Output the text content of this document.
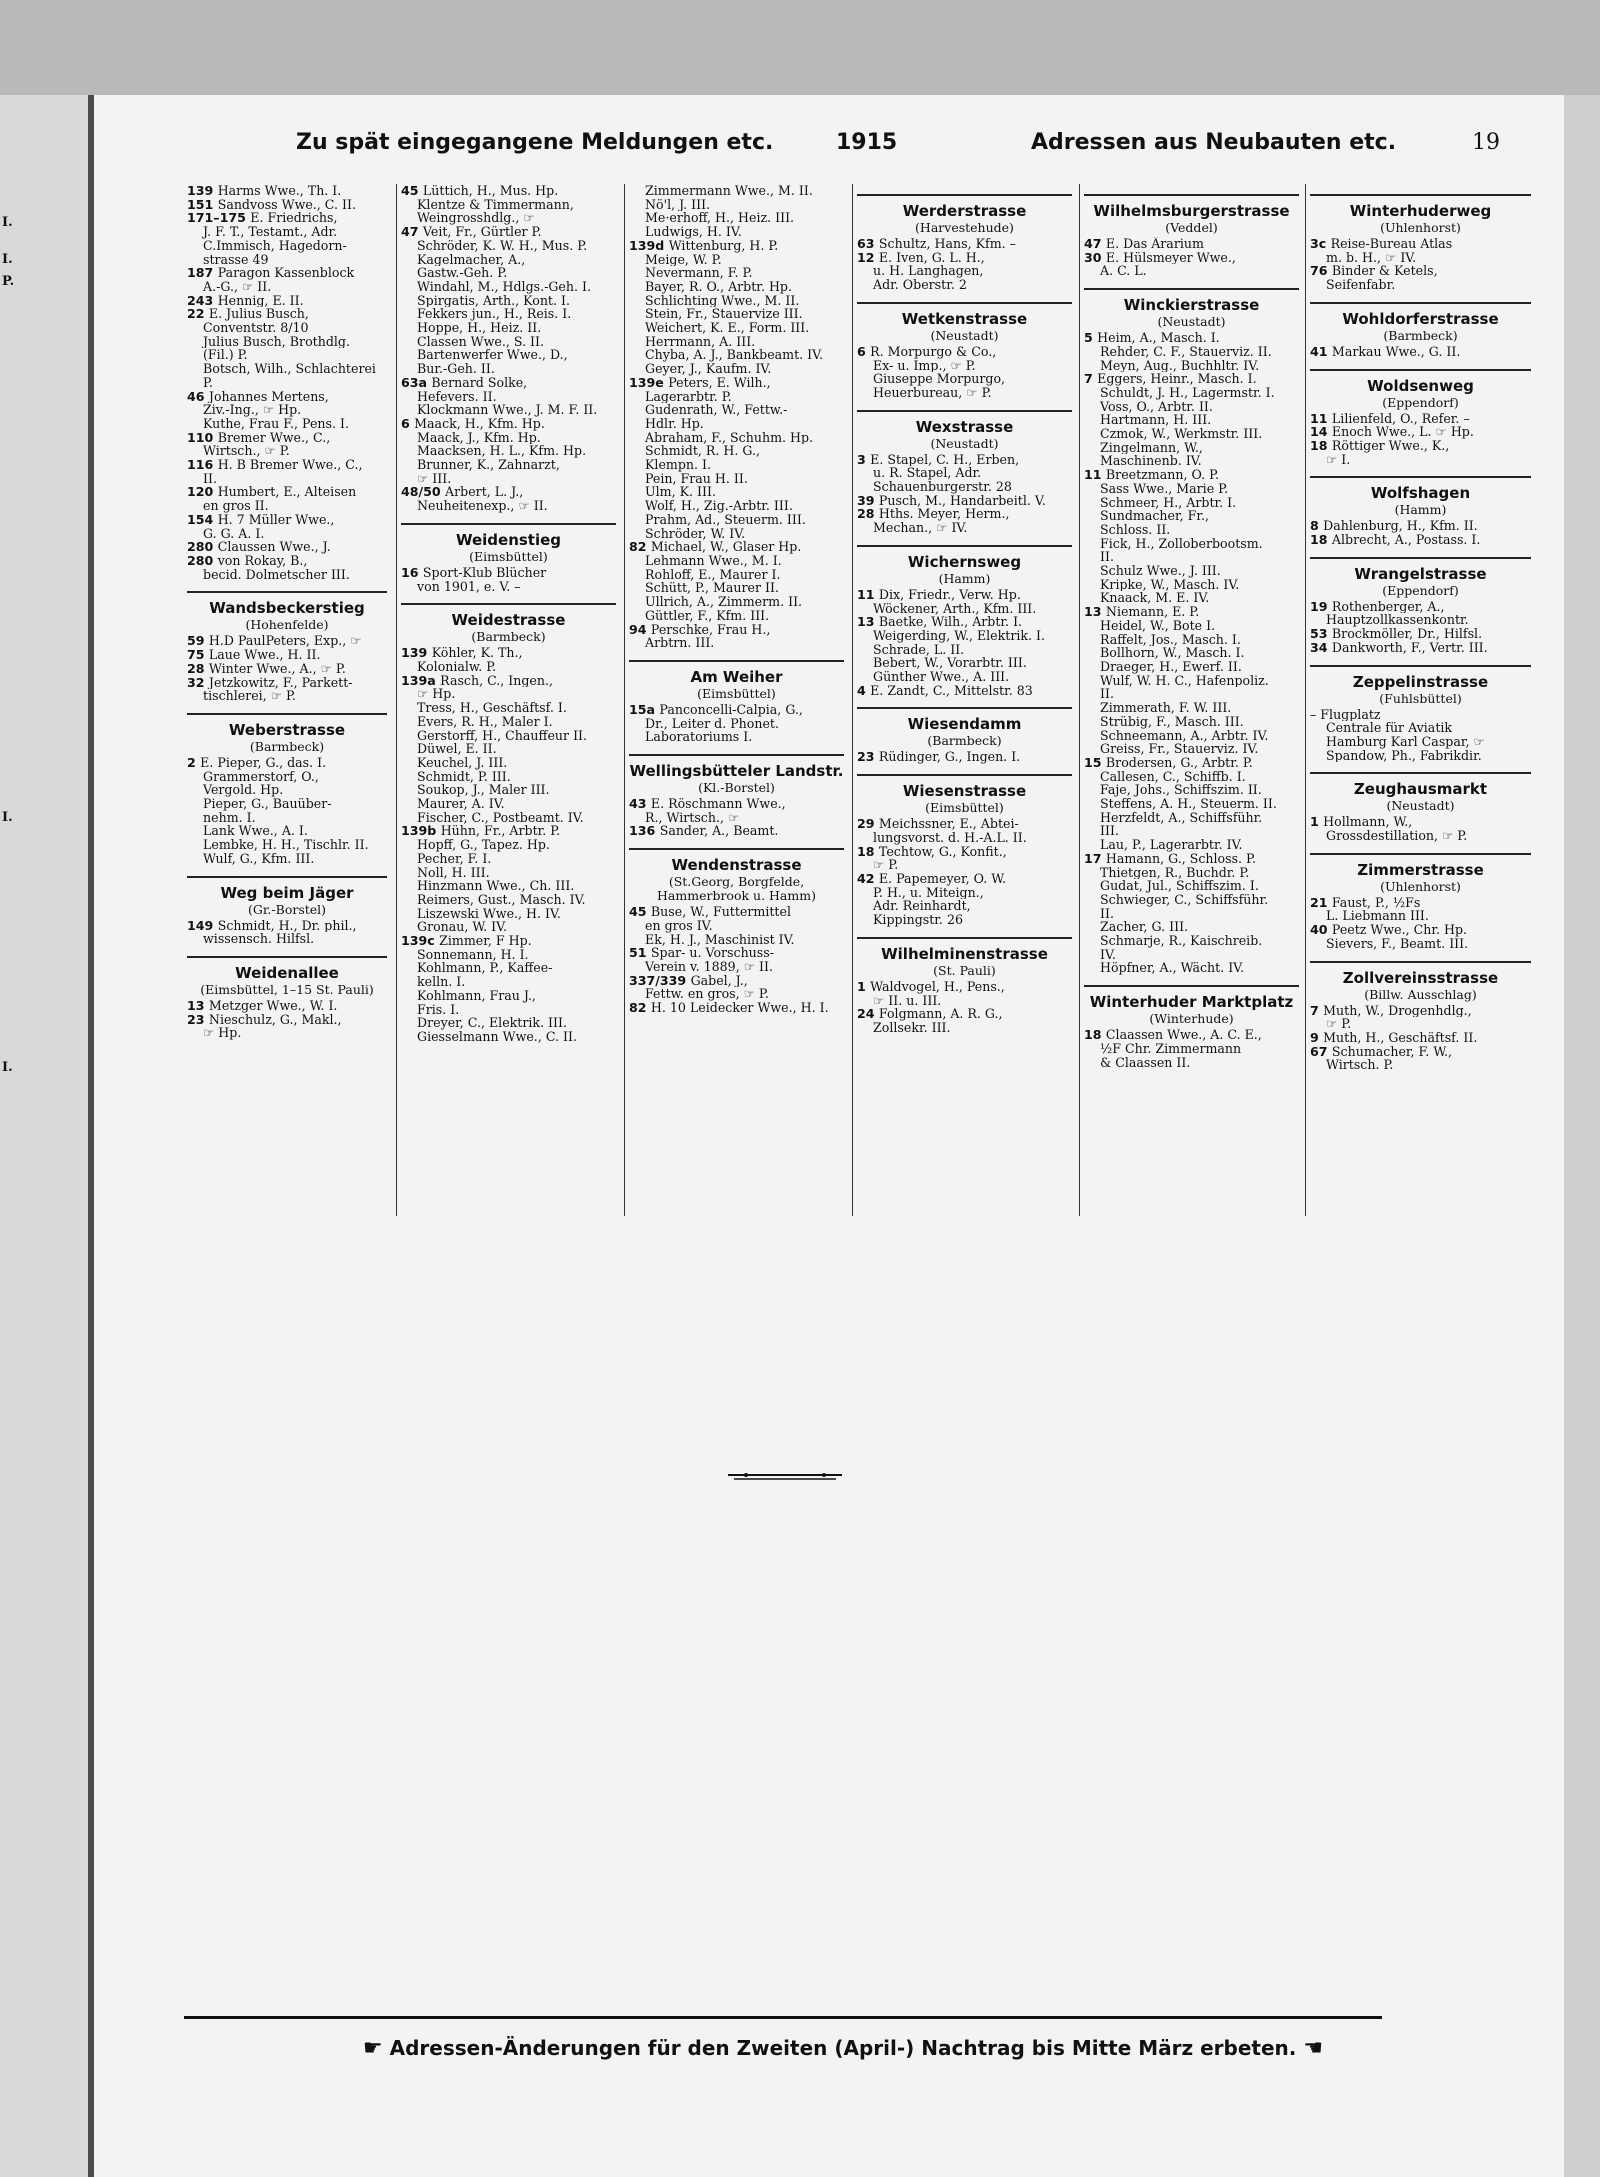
I.
I.
P.
I.
I.
Zu spät eingegangene Meldungen etc.	1915	Adressen aus Neubauten etc.	19
139 Harms Wwe., Th. I.
151 Sandvoss Wwe., C. II.
171–175 E. Friedrichs,
J. F. T., Testamt., Adr.
C.Immisch, Hagedorn-
strasse 49
187 Paragon Kassenblock
A.-G., ☞ II.
243 Hennig, E. II.
22 E. Julius Busch,
Conventstr. 8/10
Julius Busch, Brothdlg.
(Fil.) P.
Botsch, Wilh., Schlachterei
P.
46 Johannes Mertens,
Ziv.-Ing., ☞ Hp.
Kuthe, Frau F., Pens. I.
110 Bremer Wwe., C.,
Wirtsch., ☞ P.
116 H. B Bremer Wwe., C.,
II.
120 Humbert, E., Alteisen
en gros II.
154 H. 7 Müller Wwe.,
G. G. A. I.
280 Claussen Wwe., J.
280 von Rokay, B.,
becid. Dolmetscher III.
Wandsbeckerstieg
(Hohenfelde)
59 H.D PaulPeters, Exp., ☞
75 Laue Wwe., H. II.
28 Winter Wwe., A., ☞ P.
32 Jetzkowitz, F., Parkett-
tischlerei, ☞ P.
Weberstrasse
(Barmbeck)
2 E. Pieper, G., das. I.
Grammerstorf, O.,
Vergold. Hp.
Pieper, G., Bauüber-
nehm. I.
Lank Wwe., A. I.
Lembke, H. H., Tischlr. II.
Wulf, G., Kfm. III.
Weg beim Jäger
(Gr.-Borstel)
149 Schmidt, H., Dr. phil.,
wissensch. Hilfsl.
Weidenallee
(Eimsbüttel, 1–15 St. Pauli)
13 Metzger Wwe., W. I.
23 Nieschulz, G., Makl.,
☞ Hp.
45 Lüttich, H., Mus. Hp.
Klentze & Timmermann,
Weingrosshdlg., ☞
47 Veit, Fr., Gürtler P.
Schröder, K. W. H., Mus. P.
Kagelmacher, A.,
Gastw.-Geh. P.
Windahl, M., Hdlgs.-Geh. I.
Spirgatis, Arth., Kont. I.
Fekkers jun., H., Reis. I.
Hoppe, H., Heiz. II.
Classen Wwe., S. II.
Bartenwerfer Wwe., D.,
Bur.-Geh. II.
63a Bernard Solke,
Hefevers. II.
Klockmann Wwe., J. M. F. II.
6 Maack, H., Kfm. Hp.
Maack, J., Kfm. Hp.
Maacksen, H. L., Kfm. Hp.
Brunner, K., Zahnarzt,
☞ III.
48/50 Arbert, L. J.,
Neuheitenexp., ☞ II.
Weidenstieg
(Eimsbüttel)
16 Sport-Klub Blücher
von 1901, e. V. –
Weidestrasse
(Barmbeck)
139 Köhler, K. Th.,
Kolonialw. P.
139a Rasch, C., Ingen.,
☞ Hp.
Tress, H., Geschäftsf. I.
Evers, R. H., Maler I.
Gerstorff, H., Chauffeur II.
Düwel, E. II.
Keuchel, J. III.
Schmidt, P. III.
Soukop, J., Maler III.
Maurer, A. IV.
Fischer, C., Postbeamt. IV.
139b Hühn, Fr., Arbtr. P.
Hopff, G., Tapez. Hp.
Pecher, F. I.
Noll, H. III.
Hinzmann Wwe., Ch. III.
Reimers, Gust., Masch. IV.
Liszewski Wwe., H. IV.
Gronau, W. IV.
139c Zimmer, F Hp.
Sonnemann, H. I.
Kohlmann, P., Kaffee-
kelln. I.
Kohlmann, Frau J.,
Fris. I.
Dreyer, C., Elektrik. III.
Giesselmann Wwe., C. II.
Zimmermann Wwe., M. II.
Nö'l, J. III.
Me·erhoff, H., Heiz. III.
Ludwigs, H. IV.
139d Wittenburg, H. P.
Meige, W. P.
Nevermann, F. P.
Bayer, R. O., Arbtr. Hp.
Schlichting Wwe., M. II.
Stein, Fr., Stauervize III.
Weichert, K. E., Form. III.
Herrmann, A. III.
Chyba, A. J., Bankbeamt. IV.
Geyer, J., Kaufm. IV.
139e Peters, E. Wilh.,
Lagerarbtr. P.
Gudenrath, W., Fettw.-
Hdlr. Hp.
Abraham, F., Schuhm. Hp.
Schmidt, R. H. G.,
Klempn. I.
Pein, Frau H. II.
Ulm, K. III.
Wolf, H., Zig.-Arbtr. III.
Prahm, Ad., Steuerm. III.
Schröder, W. IV.
82 Michael, W., Glaser Hp.
Lehmann Wwe., M. I.
Rohloff, E., Maurer I.
Schütt, P., Maurer II.
Ullrich, A., Zimmerm. II.
Güttler, F., Kfm. III.
94 Perschke, Frau H.,
Arbtrn. III.
Am Weiher
(Eimsbüttel)
15a Panconcelli-Calpia, G.,
Dr., Leiter d. Phonet.
Laboratoriums I.
Wellingsbütteler Landstr.
(Kl.-Borstel)
43 E. Röschmann Wwe.,
R., Wirtsch., ☞
136 Sander, A., Beamt.
Wendenstrasse
(St.Georg, Borgfelde, Hammerbrook u. Hamm)
45 Buse, W., Futtermittel
en gros IV.
Ek, H. J., Maschinist IV.
51 Spar- u. Vorschuss-
Verein v. 1889, ☞ II.
337/339 Gabel, J.,
Fettw. en gros, ☞ P.
82 H. 10 Leidecker Wwe., H. I.
Werderstrasse
(Harvestehude)
63 Schultz, Hans, Kfm. –
12 E. Iven, G. L. H.,
u. H. Langhagen,
Adr. Oberstr. 2
Wetkenstrasse
(Neustadt)
6 R. Morpurgo & Co.,
Ex- u. Imp., ☞ P.
Giuseppe Morpurgo,
Heuerbureau, ☞ P.
Wexstrasse
(Neustadt)
3 E. Stapel, C. H., Erben,
u. R. Stapel, Adr.
Schauenburgerstr. 28
39 Pusch, M., Handarbeitl. V.
28 Hths. Meyer, Herm.,
Mechan., ☞ IV.
Wichernsweg
(Hamm)
11 Dix, Friedr., Verw. Hp.
Wöckener, Arth., Kfm. III.
13 Baetke, Wilh., Arbtr. I.
Weigerding, W., Elektrik. I.
Schrade, L. II.
Bebert, W., Vorarbtr. III.
Günther Wwe., A. III.
4 E. Zandt, C., Mittelstr. 83
Wiesendamm
(Barmbeck)
23 Rüdinger, G., Ingen. I.
Wiesenstrasse
(Eimsbüttel)
29 Meichssner, E., Abtei-
lungsvorst. d. H.-A.L. II.
18 Techtow, G., Konfit.,
☞ P.
42 E. Papemeyer, O. W.
P. H., u. Miteign.,
Adr. Reinhardt,
Kippingstr. 26
Wilhelminenstrasse
(St. Pauli)
1 Waldvogel, H., Pens.,
☞ II. u. III.
24 Folgmann, A. R. G.,
Zollsekr. III.
Wilhelmsburgerstrasse
(Veddel)
47 E. Das Ärarium
30 E. Hülsmeyer Wwe.,
A. C. L.
Winckierstrasse
(Neustadt)
5 Heim, A., Masch. I.
Rehder, C. F., Stauerviz. II.
Meyn, Aug., Buchhltr. IV.
7 Eggers, Heinr., Masch. I.
Schuldt, J. H., Lagermstr. I.
Voss, O., Arbtr. II.
Hartmann, H. III.
Czmok, W., Werkmstr. III.
Zingelmann, W.,
Maschinenb. IV.
11 Breetzmann, O. P.
Sass Wwe., Marie P.
Schmeer, H., Arbtr. I.
Sundmacher, Fr.,
Schloss. II.
Fick, H., Zolloberbootsm.
II.
Schulz Wwe., J. III.
Kripke, W., Masch. IV.
Knaack, M. E. IV.
13 Niemann, E. P.
Heidel, W., Bote I.
Raffelt, Jos., Masch. I.
Bollhorn, W., Masch. I.
Draeger, H., Ewerf. II.
Wulf, W. H. C., Hafenpoliz.
II.
Zimmerath, F. W. III.
Strübig, F., Masch. III.
Schneemann, A., Arbtr. IV.
Greiss, Fr., Stauerviz. IV.
15 Brodersen, G., Arbtr. P.
Callesen, C., Schiffb. I.
Faje, Johs., Schiffszim. II.
Steffens, A. H., Steuerm. II.
Herzfeldt, A., Schiffsführ.
III.
Lau, P., Lagerarbtr. IV.
17 Hamann, G., Schloss. P.
Thietgen, R., Buchdr. P.
Gudat, Jul., Schiffszim. I.
Schwieger, C., Schiffsführ.
II.
Zacher, G. III.
Schmarje, R., Kaischreib.
IV.
Höpfner, A., Wächt. IV.
Winterhuder Marktplatz
(Winterhude)
18 Claassen Wwe., A. C. E.,
½F Chr. Zimmermann
& Claassen II.
Winterhuderweg
(Uhlenhorst)
3c Reise-Bureau Atlas
m. b. H., ☞ IV.
76 Binder & Ketels,
Seifenfabr.
Wohldorferstrasse
(Barmbeck)
41 Markau Wwe., G. II.
Woldsenweg
(Eppendorf)
11 Lilienfeld, O., Refer. –
14 Enoch Wwe., L. ☞ Hp.
18 Röttiger Wwe., K.,
☞ I.
Wolfshagen
(Hamm)
8 Dahlenburg, H., Kfm. II.
18 Albrecht, A., Postass. I.
Wrangelstrasse
(Eppendorf)
19 Rothenberger, A.,
Hauptzollkassenkontr.
53 Brockmöller, Dr., Hilfsl.
34 Dankworth, F., Vertr. III.
Zeppelinstrasse
(Fuhlsbüttel)
– Flugplatz
Centrale für Aviatik
Hamburg Karl Caspar, ☞
Spandow, Ph., Fabrikdir.
Zeughausmarkt
(Neustadt)
1 Hollmann, W.,
Grossdestillation, ☞ P.
Zimmerstrasse
(Uhlenhorst)
21 Faust, P., ½Fs
L. Liebmann III.
40 Peetz Wwe., Chr. Hp.
Sievers, F., Beamt. III.
Zollvereinsstrasse
(Billw. Ausschlag)
7 Muth, W., Drogenhdlg.,
☞ P.
9 Muth, H., Geschäftsf. II.
67 Schumacher, F. W.,
Wirtsch. P.
☛ Adressen-Änderungen für den Zweiten (April-) Nachtrag bis Mitte März erbeten. ☚
